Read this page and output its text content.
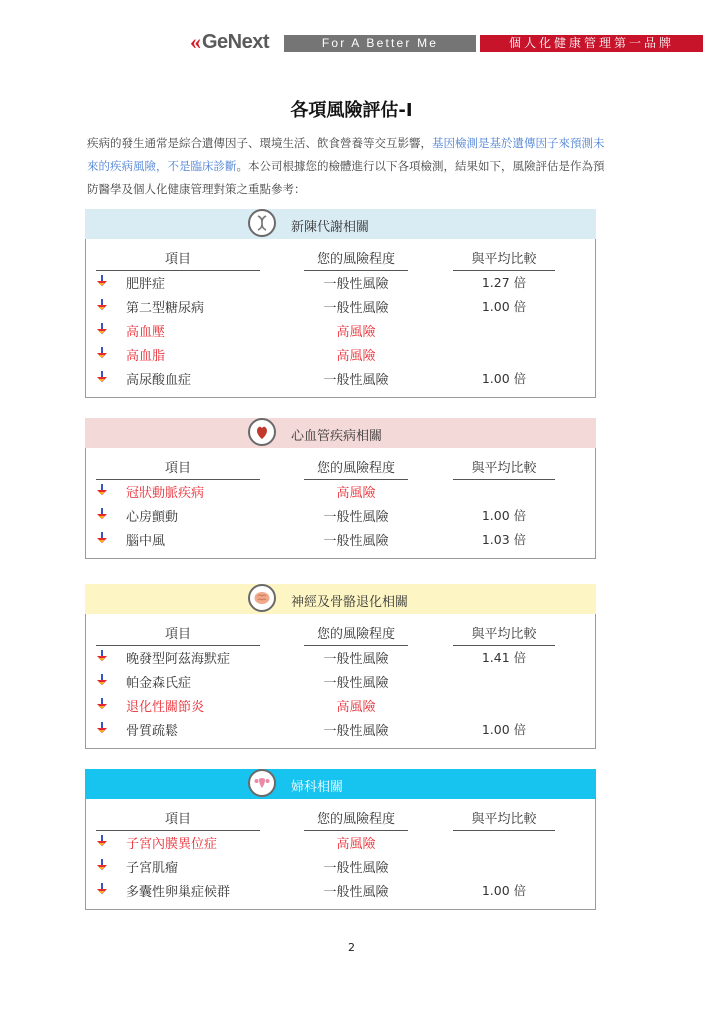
« GeNext	For A Better Me	個人化健康管理第一品牌
各項風險評估-I
疾病的發生通常是綜合遺傳因子、環境生活、飲食營養等交互影響，基因檢測是基於遺傳因子來預測未來的疾病風險，不是臨床診斷。本公司根據您的檢體進行以下各項檢測，結果如下，風險評估是作為預防醫學及個人化健康管理對策之重點參考：
新陳代謝相關
項目	您的風險程度	與平均比較
肥胖症	一般性風險	1.27 倍
第二型糖尿病	一般性風險	1.00 倍
高血壓	高風險
高血脂	高風險
高尿酸血症	一般性風險	1.00 倍
心血管疾病相關
項目	您的風險程度	與平均比較
冠狀動脈疾病	高風險
心房顫動	一般性風險	1.00 倍
腦中風	一般性風險	1.03 倍
神經及骨骼退化相關
項目	您的風險程度	與平均比較
晚發型阿茲海默症	一般性風險	1.41 倍
帕金森氏症	一般性風險
退化性關節炎	高風險
骨質疏鬆	一般性風險	1.00 倍
婦科相關
項目	您的風險程度	與平均比較
子宮內膜異位症	高風險
子宮肌瘤	一般性風險
多囊性卵巢症候群	一般性風險	1.00 倍
2
